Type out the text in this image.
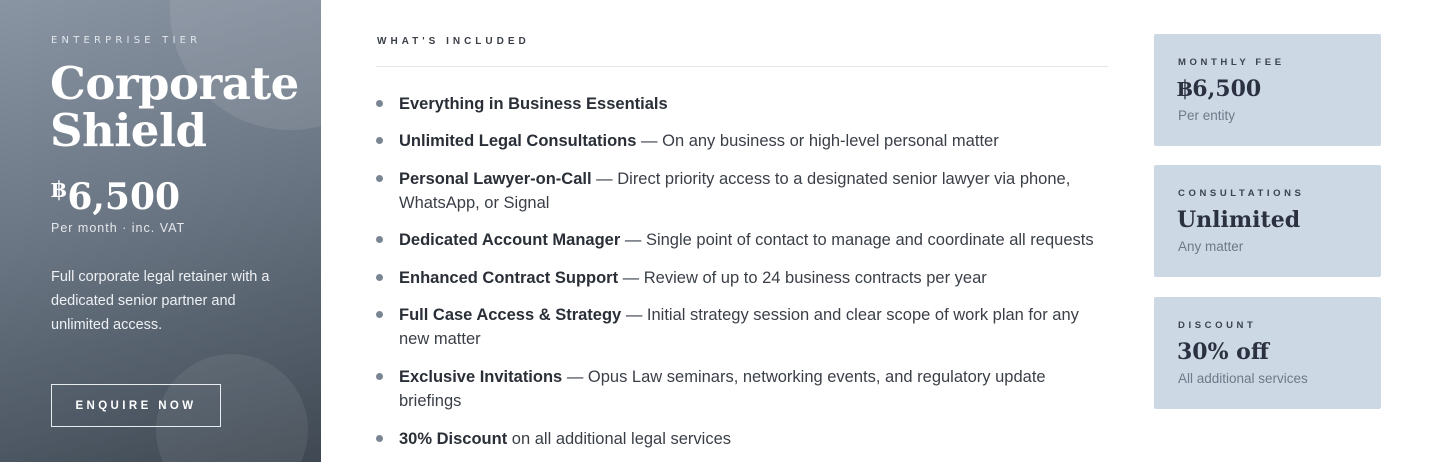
ENTERPRISE TIER
Corporate Shield
฿6,500
Per month · inc. VAT

Full corporate legal retainer with a dedicated senior partner and unlimited access.

ENQUIRE NOW
WHAT'S INCLUDED
Everything in Business Essentials
Unlimited Legal Consultations — On any business or high-level personal matter
Personal Lawyer-on-Call — Direct priority access to a designated senior lawyer via phone, WhatsApp, or Signal
Dedicated Account Manager — Single point of contact to manage and coordinate all requests
Enhanced Contract Support — Review of up to 24 business contracts per year
Full Case Access & Strategy — Initial strategy session and clear scope of work plan for any new matter
Exclusive Invitations — Opus Law seminars, networking events, and regulatory update briefings
30% Discount on all additional legal services
MONTHLY FEE
฿6,500
Per entity
CONSULTATIONS
Unlimited
Any matter
DISCOUNT
30% off
All additional services
